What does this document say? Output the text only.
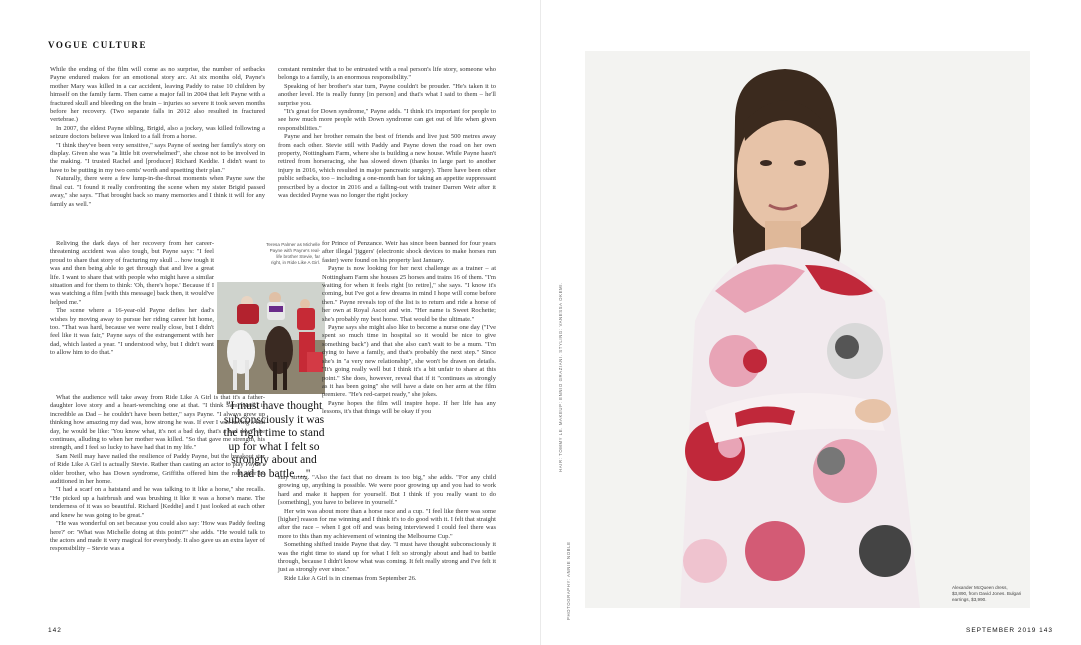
VOGUE CULTURE

While the ending of the film will come as no surprise, the number of setbacks Payne endured makes for an emotional story arc. At six months old, Payne's mother Mary was killed in a car accident, leaving Paddy to raise 10 children by himself on the family farm. Then came a major fall in 2004 that left Payne with a fractured skull and bleeding on the brain – injuries so severe it took seven months before her recovery. (Two separate falls in 2012 also resulted in fractured vertebrae.)

In 2007, the eldest Payne sibling, Brigid, also a jockey, was killed following a seizure doctors believe was linked to a fall from a horse.

"I think they've been very sensitive," says Payne of seeing her family's story on display. Given she was "a little bit overwhelmed", she chose not to be involved in the making. "I trusted Rachel and [producer] Richard Keddie. I didn't want to have to be putting in my two cents' worth and upsetting their plan."

Naturally, there were a few lump-in-the-throat moments when Payne saw the final cut. "I found it really confronting the scene when my sister Brigid passed away," she says. "That brought back so many memories and I think it will for any family as well."

Reliving the dark days of her recovery from her career-threatening accident was also tough, but Payne says: "I feel proud to share that story of fracturing my skull ... how tough it was and then being able to get through that and live a great life. I want to share that with people who might have a similar situation and for them to think: 'Oh, there's hope.' Because if I was watching a film [with this message] back then, it would've helped me."

The scene where a 16-year-old Payne defies her dad's wishes by moving away to pursue her riding career hit home, too. "That was hard, because we were really close, but I didn't feel like it was fair," Payne says of the estrangement with her dad, which lasted a year. "I understood why, but I didn't want to allow him to do that."

Teresa Palmer as Michelle Payne with Payne's real-life brother Stevie, far right, in Ride Like A Girl.

for Prince of Penzance. Weir has since been banned for four years after illegal 'jiggers' (electronic shock devices to make horses run faster) were found on his property last January.

Payne is now looking for her next challenge as a trainer – at Nottingham Farm she houses 25 horses and trains 16 of them. "I'm waiting for when it feels right [to retire]," she says. "I know it's coming, but I've got a few dreams in mind I hope will come before then." Payne reveals top of the list is to return and ride a horse of her own at Royal Ascot and win. "Her name is Sweet Rochette; she's probably my best horse. That would be the ultimate."

Payne says she might also like to become a nurse one day ("I've spent so much time in hospital so it would be nice to give something back") and that she also can't wait to be a mum. "I'm dying to have a family, and that's probably the next step." Since she's in "a very new relationship", she won't be drawn on details. "It's going really well but I think it's a bit unfair to share at this point." She does, however, reveal that if it "continues as strongly as it has been going" she will have a date on her arm at the film premiere. "He's red-carpet ready," she jokes.

Payne hopes the film will inspire hope. If her life has any lessons, it's that things will be okay if you

"I must have thought subconsciously it was the right time to stand up for what I felt so strongly about and had to battle ..."

What the audience will take away from Ride Like A Girl is that it's a father-daughter love story and a heart-wrenching one at that. "I think Sam [Neill] is incredible as Dad – he couldn't have been better," says Payne. "I always grew up thinking how amazing my dad was, how strong he was. If ever I was having a bad day, he would be like: 'You know what, it's not a bad day, that's a bad day,'" she continues, alluding to when her mother was killed. "So that gave me strength, his strength, and I feel so lucky to have had that in my life."

Sam Neill may have nailed the resilience of Paddy Payne, but the breakout star of Ride Like A Girl is actually Stevie. Rather than casting an actor to play Payne's older brother, who has Down syndrome, Griffiths offered him the role after he auditioned in her home.

"I had a scarf on a hatstand and he was talking to it like a horse," she recalls. "He picked up a hairbrush and was brushing it like it was a horse's mane. The tenderness of it was so beautiful. Richard [Keddie] and I just looked at each other and knew he was going to be great."

"He was wonderful on set because you could also say: 'How was Paddy feeling here?' or: 'What was Michelle doing at this point?'" she adds. "He would talk to the actors and made it very magical for everybody. It also gave us an extra layer of responsibility – Stevie was a

constant reminder that to be entrusted with a real person's life story, someone who belongs to a family, is an enormous responsibility."

Speaking of her brother's star turn, Payne couldn't be prouder. "He's taken it to another level. He is really funny [in person] and that's what I said to them – he'll surprise you.

"It's great for Down syndrome," Payne adds. "I think it's important for people to see how much more people with Down syndrome can get out of life when given responsibilities."

Payne and her brother remain the best of friends and live just 500 metres away from each other. Stevie still with Paddy and Payne down the road on her own property, Nottingham Farm, where she is building a new house. While Payne hasn't retired from horseracing, she has slowed down (thanks in large part to another injury in 2016, which resulted in major pancreatic surgery). There have been other public setbacks, too – including a one-month ban for taking an appetite suppressant prescribed by a doctor in 2016 and a falling-out with trainer Darren Weir after it was decided Payne was no longer the right jockey

stay strong. "Also the fact that no dream is too big," she adds. "For any child growing up, anything is possible. We were poor growing up and you had to work hard and make it happen for yourself. But I think if you really want to do [something], you have to believe in yourself."

Her win was about more than a horse race and a cup. "I feel like there was some [higher] reason for me winning and I think it's to do good with it. I felt that straight after the race – when I got off and was being interviewed I could feel there was more to this than my achievement of winning the Melbourne Cup."

Something shifted inside Payne that day. "I must have thought subconsciously it was the right time to stand up for what I felt so strongly about and had to battle through, because I didn't know what was coming. It felt really strong and I've felt it just as strongly ever since."

Ride Like A Girl is in cinemas from September 26.

142	SEPTEMBER 2019 143
HAIR: TOMMY LE. MAKEUP: ENNIO GRAZIANI. STYLING: VANESSA OKEMI.
PHOTOGRAPHY: ANNIE NOBLE	Alexander McQueen dress, $3,890, from David Jones. Bulgari earrings, $3,990.
